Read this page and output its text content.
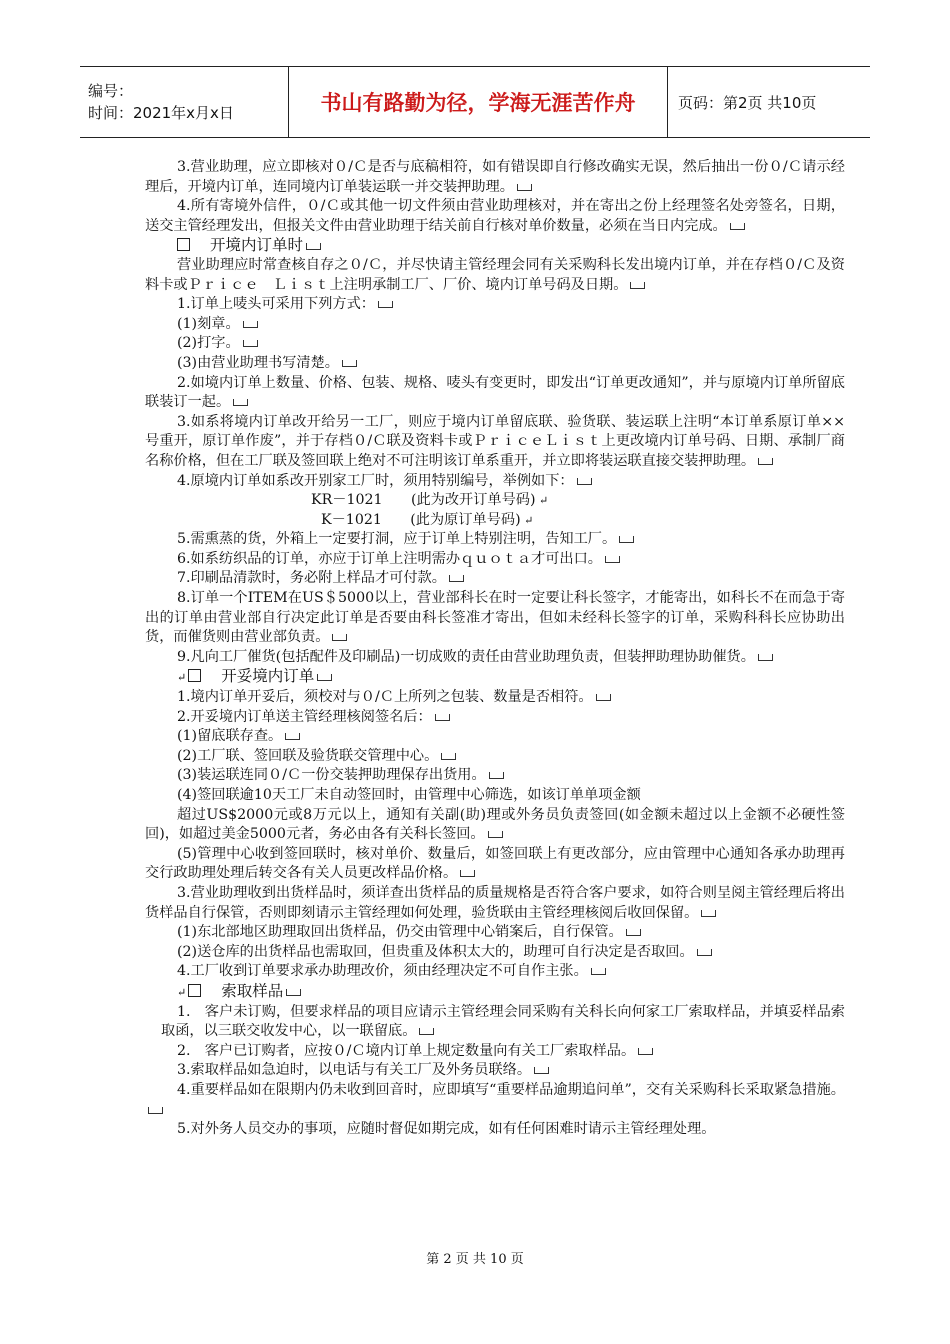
编号：
时间：2021年x月x日	书山有路勤为径，学海无涯苦作舟	页码：第2页 共10页

3.营业助理，应立即核对０/Ｃ是否与底稿相符，如有错误即自行修改确实无误，然后抽出一份０/Ｃ请示经理后，开境内订单，连同境内订单装运联一并交装押助理。

4.所有寄境外信件，０/Ｃ或其他一切文件须由营业助理核对，并在寄出之份上经理签名处旁签名，日期，送交主管经理发出，但报关文件由营业助理于结关前自行核对单价数量，必须在当日内完成。

开境内订单时

营业助理应时常查核自存之０/Ｃ，并尽快请主管经理会同有关采购科长发出境内订单，并在存档０/Ｃ及资料卡或Ｐｒｉｃｅ　Ｌｉｓｔ上注明承制工厂、厂价、境内订单号码及日期。

1.订单上唛头可采用下列方式：

(1)刻章。

(2)打字。

(3)由营业助理书写清楚。

2.如境内订单上数量、价格、包装、规格、唛头有变更时，即发出“订单更改通知”，并与原境内订单所留底联装订一起。

3.如系将境内订单改开给另一工厂，则应于境内订单留底联、验货联、装运联上注明“本订单系原订单××号重开，原订单作废”，并于存档０/Ｃ联及资料卡或ＰｒｉｃｅＬｉｓｔ上更改境内订单号码、日期、承制厂商名称价格，但在工厂联及签回联上绝对不可注明该订单系重开，并立即将装运联直接交装押助理。

4.原境内订单如系改开别家工厂时，须用特别编号，举例如下：

KR－1021　　(此为改开订单号码) ↵

K－1021　　(此为原订单号码) ↵

5.需熏蒸的货，外箱上一定要打洞，应于订单上特别注明，告知工厂。

6.如系纺织品的订单，亦应于订单上注明需办ｑｕｏｔａ才可出口。

7.印刷品清款时，务必附上样品才可付款。

8.订单一个ITEM在US＄5000以上，营业部科长在时一定要让科长签字，才能寄出，如科长不在而急于寄出的订单由营业部自行决定此订单是否要由科长签准才寄出，但如未经科长签字的订单，采购科科长应协助出货，而催货则由营业部负责。

9.凡向工厂催货(包括配件及印刷品)一切成败的责任由营业助理负责，但装押助理协助催货。

↵ 开妥境内订单

1.境内订单开妥后，须校对与０/Ｃ上所列之包装、数量是否相符。

2.开妥境内订单送主管经理核阅签名后：

(1)留底联存查。

(2)工厂联、签回联及验货联交管理中心。

(3)装运联连同０/Ｃ一份交装押助理保存出货用。

(4)签回联逾10天工厂未自动签回时，由管理中心筛选，如该订单单项金额

超过US$2000元或8万元以上，通知有关副(助)理或外务员负责签回(如金额未超过以上金额不必硬性签回)，如超过美金5000元者，务必由各有关科长签回。

(5)管理中心收到签回联时，核对单价、数量后，如签回联上有更改部分，应由管理中心通知各承办助理再交行政助理处理后转交各有关人员更改样品价格。

3.营业助理收到出货样品时，须详查出货样品的质量规格是否符合客户要求，如符合则呈阅主管经理后将出货样品自行保管，否则即刻请示主管经理如何处理，验货联由主管经理核阅后收回保留。

(1)东北部地区助理取回出货样品，仍交由管理中心销案后，自行保管。

(2)送仓库的出货样品也需取回，但贵重及体积太大的，助理可自行决定是否取回。

4.工厂收到订单要求承办助理改价，须由经理决定不可自作主张。

↵ 索取样品

1.　客户未订购，但要求样品的项目应请示主管经理会同采购有关科长向何家工厂索取样品，并填妥样品索取函，以三联交收发中心，以一联留底。

2.　客户已订购者，应按０/Ｃ境内订单上规定数量向有关工厂索取样品。

3.索取样品如急迫时，以电话与有关工厂及外务员联络。

4.重要样品如在限期内仍未收到回音时，应即填写“重要样品逾期追问单”，交有关采购科长采取紧急措施。

5.对外务人员交办的事项，应随时督促如期完成，如有任何困难时请示主管经理处理。

第 2 页 共 10 页
